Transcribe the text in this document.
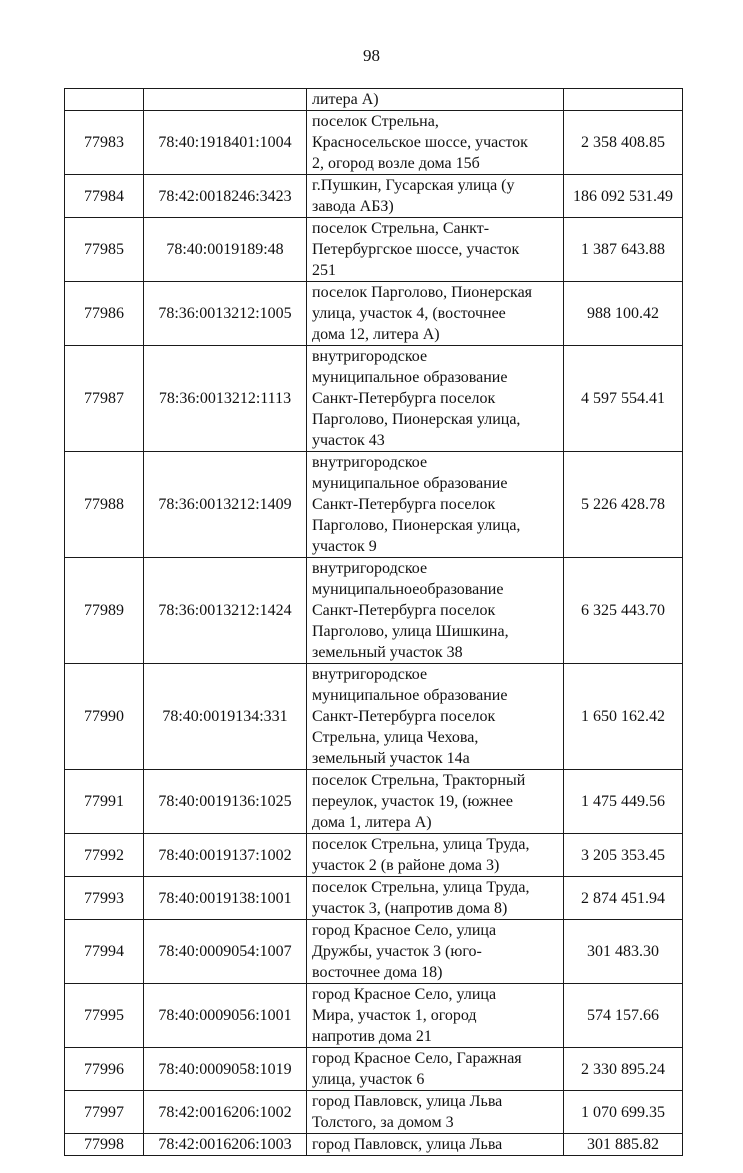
98

		литера А)	

77983	78:40:1918401:1004	поселок Стрельна,
Красносельское шоссе, участок
2, огород возле дома 15б	2 358 408.85
77984	78:42:0018246:3423	г.Пушкин, Гусарская улица (у
завода АБЗ)	186 092 531.49
77985	78:40:0019189:48	поселок Стрельна, Санкт-
Петербургское шоссе, участок
251	1 387 643.88
77986	78:36:0013212:1005	поселок Парголово, Пионерская
улица, участок 4, (восточнее
дома 12, литера А)	988 100.42
77987	78:36:0013212:1113	внутригородское
муниципальное образование
Санкт-Петербурга поселок
Парголово, Пионерская улица,
участок 43	4 597 554.41
77988	78:36:0013212:1409	внутригородское
муниципальное образование
Санкт-Петербурга поселок
Парголово, Пионерская улица,
участок 9	5 226 428.78
77989	78:36:0013212:1424	внутригородское
муниципальноеобразование
Санкт-Петербурга поселок
Парголово, улица Шишкина,
земельный участок 38	6 325 443.70
77990	78:40:0019134:331	внутригородское
муниципальное образование
Санкт-Петербурга поселок
Стрельна, улица Чехова,
земельный участок 14а	1 650 162.42
77991	78:40:0019136:1025	поселок Стрельна, Тракторный
переулок, участок 19, (южнее
дома 1, литера А)	1 475 449.56
77992	78:40:0019137:1002	поселок Стрельна, улица Труда,
участок 2 (в районе дома 3)	3 205 353.45
77993	78:40:0019138:1001	поселок Стрельна, улица Труда,
участок 3, (напротив дома 8)	2 874 451.94
77994	78:40:0009054:1007	город Красное Село, улица
Дружбы, участок 3 (юго-
восточнее дома 18)	301 483.30
77995	78:40:0009056:1001	город Красное Село, улица
Мира, участок 1, огород
напротив дома 21	574 157.66
77996	78:40:0009058:1019	город Красное Село, Гаражная
улица, участок 6	2 330 895.24
77997	78:42:0016206:1002	город Павловск, улица Льва
Толстого, за домом 3	1 070 699.35
77998	78:42:0016206:1003	город Павловск, улица Льва	301 885.82
